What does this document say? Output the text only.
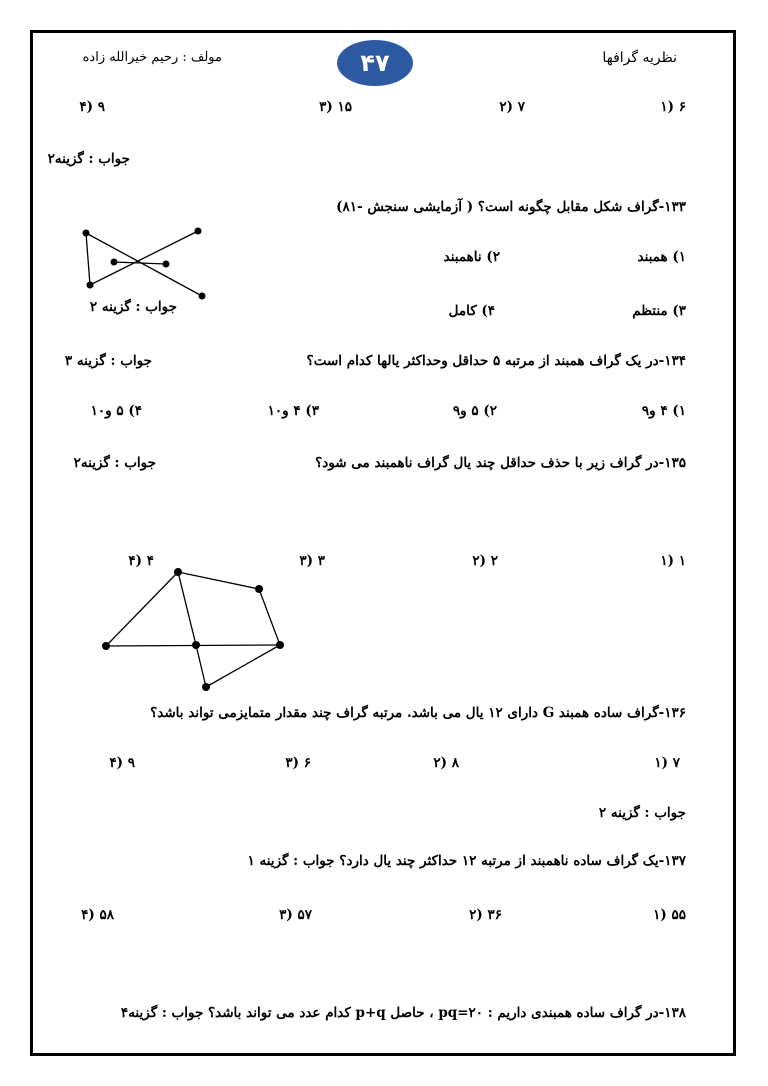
نظریه گرافها
۴۷
مولف : رحیم خیرالله زاده
۱) ۶
۲) ۷
۳) ۱۵
۴) ۹
جواب : گزینه۲
۱۳۳-گراف شکل مقابل چگونه است؟ ( آزمایشی سنجش -۸۱)
۱) همبند
۲) ناهمبند
۳) منتظم
۴) کامل
جواب : گزینه ۲
۱۳۴-در یک گراف همبند از مرتبه ۵ حداقل وحداکثر یالها کدام است؟
جواب : گزینه ۳
۱) ۴ و۹
۲) ۵ و۹
۳) ۴ و۱۰
۴) ۵ و۱۰
۱۳۵-در گراف زیر با حذف حداقل چند یال گراف ناهمبند می شود؟
جواب : گزینه۲
۱) ۱
۲) ۲
۳) ۳
۴) ۴
۱۳۶-گراف ساده همبند G دارای ۱۲ یال می باشد. مرتبه گراف چند مقدار متمایزمی تواند باشد؟
۱) ۷
۲) ۸
۳) ۶
۴) ۹
جواب : گزینه ۲
۱۳۷-یک گراف ساده ناهمبند از مرتبه ۱۲ حداکثر چند یال دارد؟ جواب : گزینه ۱
۱) ۵۵
۲) ۳۶
۳) ۵۷
۴) ۵۸
۱۳۸-در گراف ساده همبندی داریم : pq=۲۰ ، حاصل p+q کدام عدد می تواند باشد؟ جواب : گزینه۴
